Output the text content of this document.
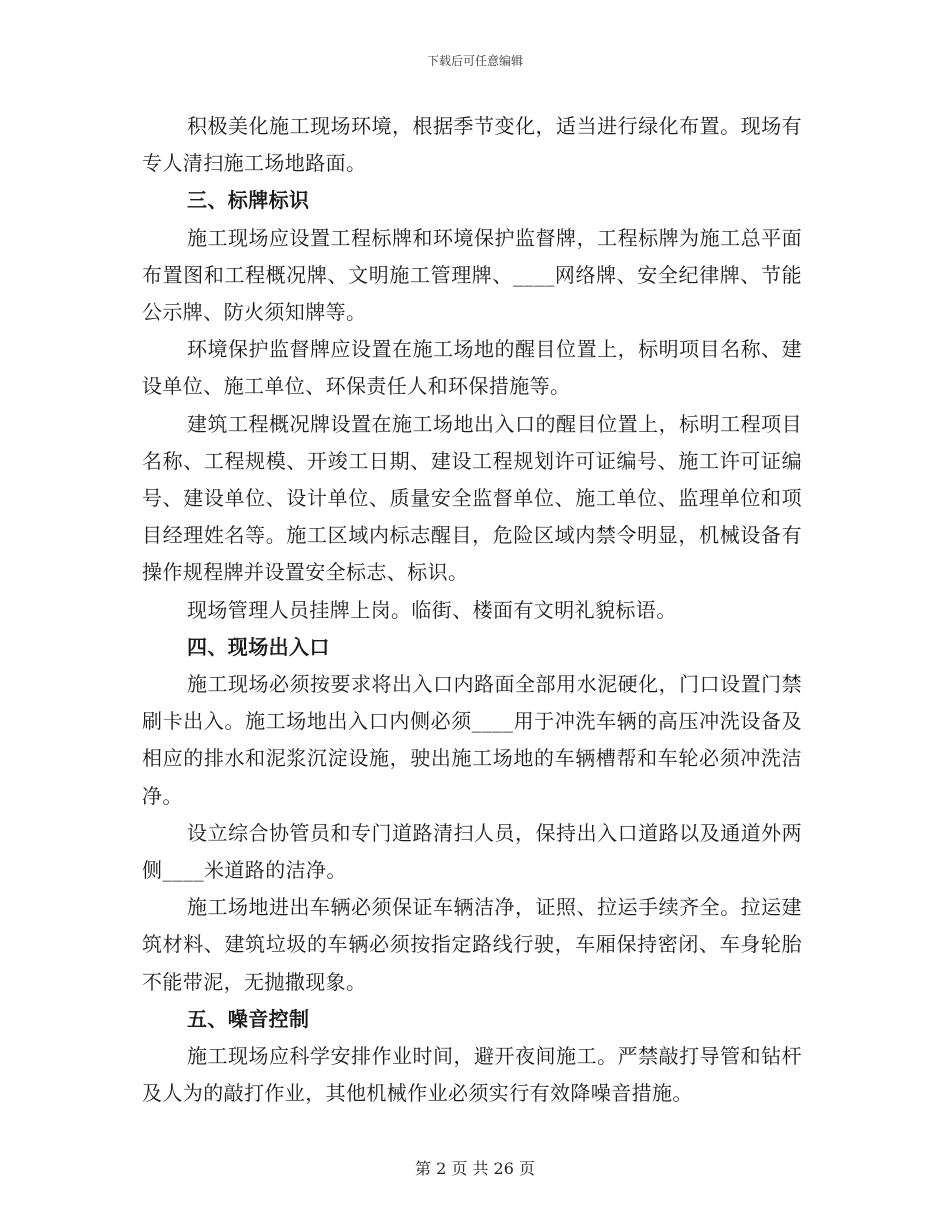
下载后可任意编辑

积极美化施工现场环境，根据季节变化，适当进行绿化布置。现场有专人清扫施工场地路面。

三、标牌标识

施工现场应设置工程标牌和环境保护监督牌，工程标牌为施工总平面布置图和工程概况牌、文明施工管理牌、____网络牌、安全纪律牌、节能公示牌、防火须知牌等。

环境保护监督牌应设置在施工场地的醒目位置上，标明项目名称、建设单位、施工单位、环保责任人和环保措施等。

建筑工程概况牌设置在施工场地出入口的醒目位置上，标明工程项目名称、工程规模、开竣工日期、建设工程规划许可证编号、施工许可证编号、建设单位、设计单位、质量安全监督单位、施工单位、监理单位和项目经理姓名等。施工区域内标志醒目，危险区域内禁令明显，机械设备有操作规程牌并设置安全标志、标识。

现场管理人员挂牌上岗。临街、楼面有文明礼貌标语。

四、现场出入口

施工现场必须按要求将出入口内路面全部用水泥硬化，门口设置门禁刷卡出入。施工场地出入口内侧必须____用于冲洗车辆的高压冲洗设备及相应的排水和泥浆沉淀设施，驶出施工场地的车辆槽帮和车轮必须冲洗洁净。

设立综合协管员和专门道路清扫人员，保持出入口道路以及通道外两侧____米道路的洁净。

施工场地进出车辆必须保证车辆洁净，证照、拉运手续齐全。拉运建筑材料、建筑垃圾的车辆必须按指定路线行驶，车厢保持密闭、车身轮胎不能带泥，无抛撒现象。

五、噪音控制

施工现场应科学安排作业时间，避开夜间施工。严禁敲打导管和钻杆及人为的敲打作业，其他机械作业必须实行有效降噪音措施。

第 2 页 共 26 页
